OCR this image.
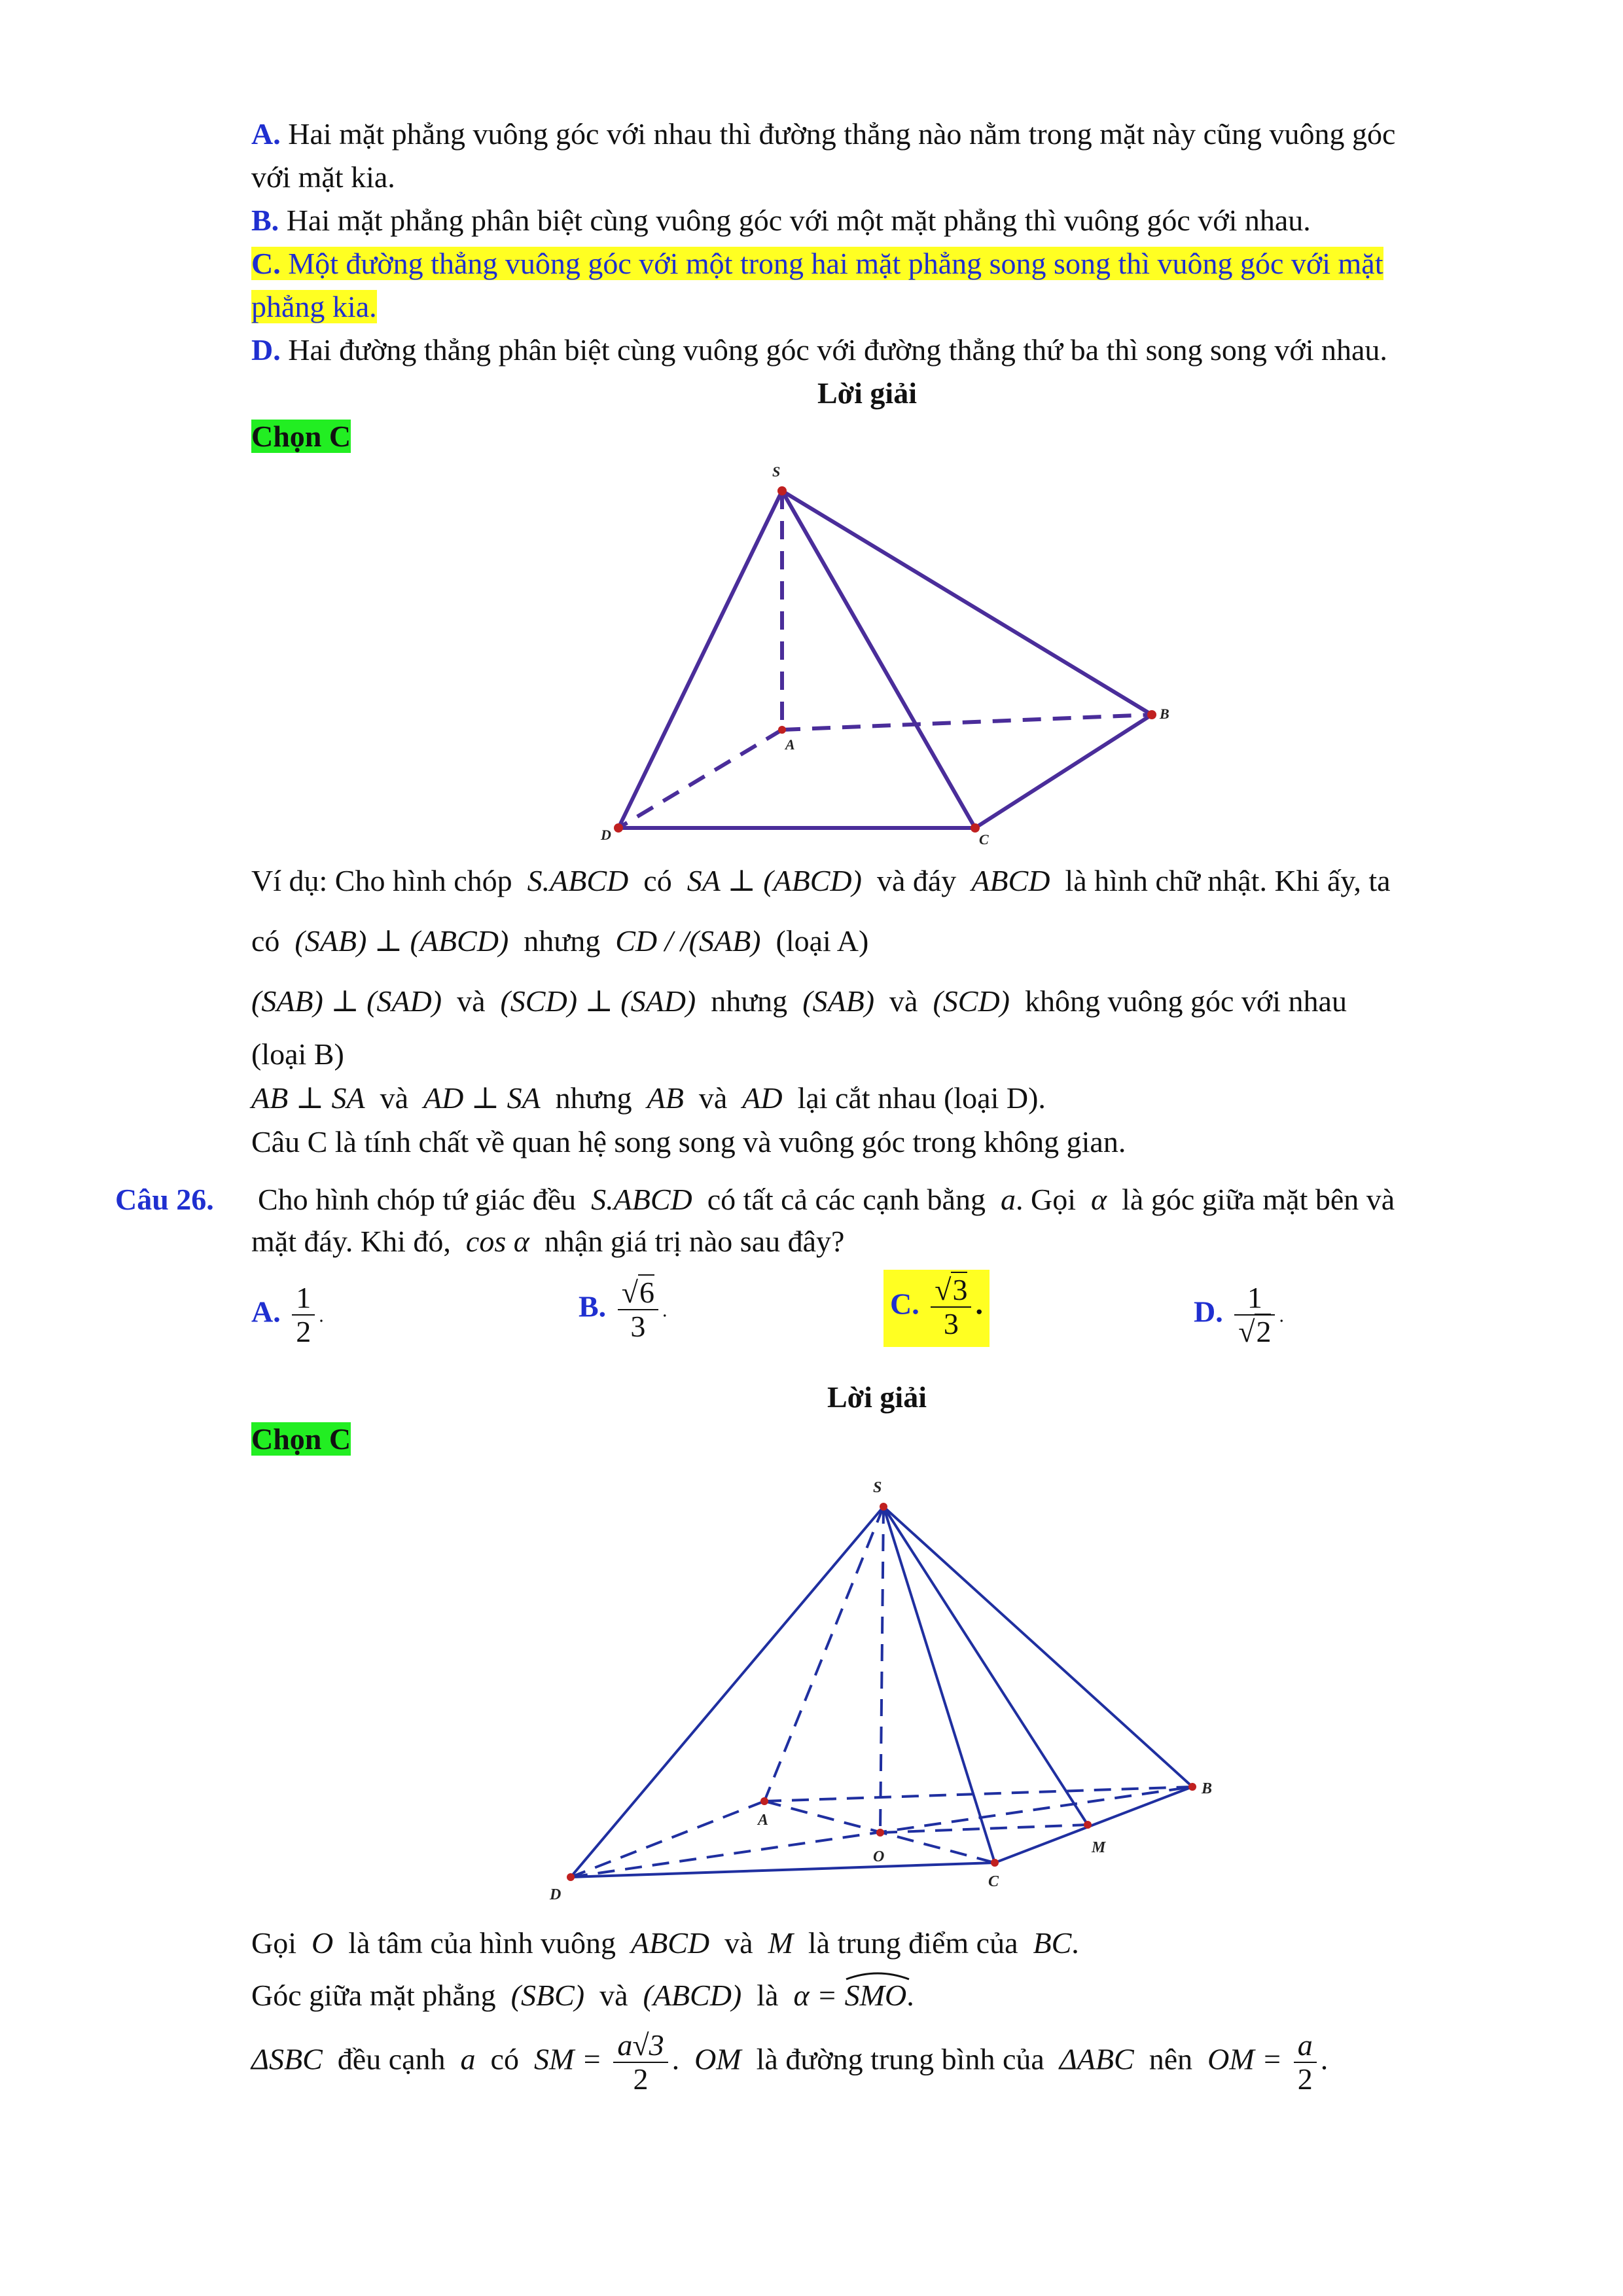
A. Hai mặt phẳng vuông góc với nhau thì đường thẳng nào nằm trong mặt này cũng vuông góc
với mặt kia.
B. Hai mặt phẳng phân biệt cùng vuông góc với một mặt phẳng thì vuông góc với nhau.
C. Một đường thẳng vuông góc với một trong hai mặt phẳng song song thì vuông góc với mặt
phẳng kia.
D. Hai đường thẳng phân biệt cùng vuông góc với đường thẳng thứ ba thì song song với nhau.
Lời giải
Chọn C
S
A
B
C
D
Ví dụ: Cho hình chóp S.ABCD có SA ⊥ (ABCD) và đáy ABCD là hình chữ nhật. Khi ấy, ta
có (SAB) ⊥ (ABCD) nhưng CD / /(SAB) (loại A)
(SAB) ⊥ (SAD) và (SCD) ⊥ (SAD) nhưng (SAB) và (SCD) không vuông góc với nhau
(loại B)
AB ⊥ SA và AD ⊥ SA nhưng AB và AD lại cắt nhau (loại D).
Câu C là tính chất về quan hệ song song và vuông góc trong không gian.
Câu 26. Cho hình chóp tứ giác đều S.ABCD có tất cả các cạnh bằng a. Gọi α là góc giữa mặt bên và
mặt đáy. Khi đó, cos α nhận giá trị nào sau đây?
A. $\frac{1}{2}$ .	B. $\frac{√6}{3}$ .	C. $\frac{√3}{3}$ .	D. $\frac{1}{√2}$ .
Lời giải
Chọn C
S
A
B
C
D
O
M
Gọi O là tâm của hình vuông ABCD và M là trung điểm của BC.
Góc giữa mặt phẳng (SBC) và (ABCD) là α = SMO.
ΔSBC đều cạnh a có SM = $\frac{a√3}{2}$ . OM là đường trung bình của ΔABC nên OM = $\frac{a}{2}$ .
